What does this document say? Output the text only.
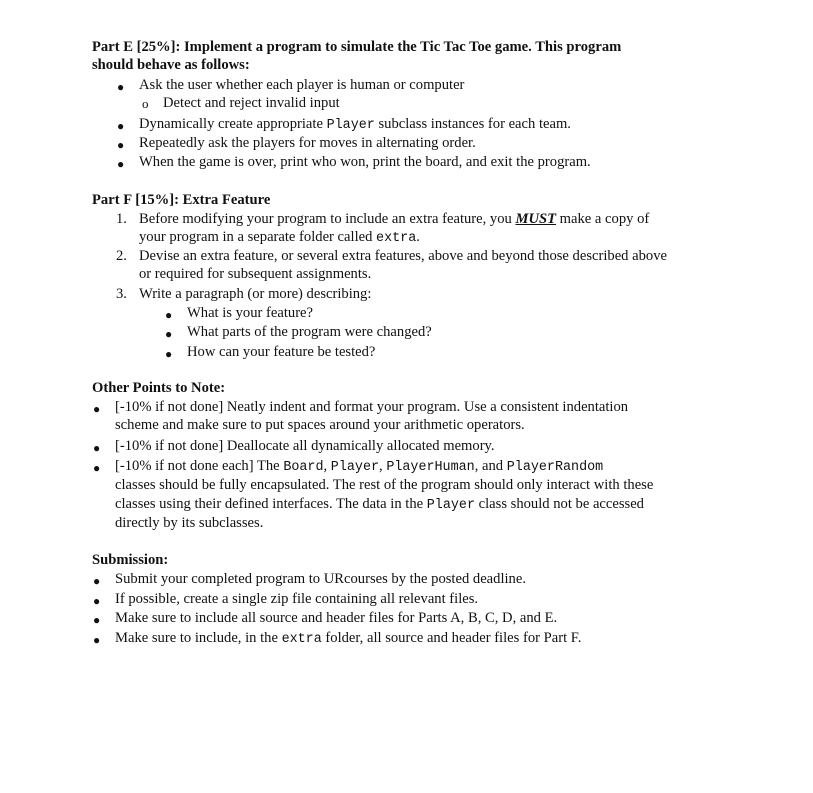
Part E [25%]: Implement a program to simulate the Tic Tac Toe game. This program
should behave as follows:
● Ask the user whether each player is human or computer
o Detect and reject invalid input
● Dynamically create appropriate Player subclass instances for each team.
● Repeatedly ask the players for moves in alternating order.
● When the game is over, print who won, print the board, and exit the program.
Part F [15%]: Extra Feature
1. Before modifying your program to include an extra feature, you MUST make a copy of
your program in a separate folder called extra.
2. Devise an extra feature, or several extra features, above and beyond those described above
or required for subsequent assignments.
3. Write a paragraph (or more) describing:
● What is your feature?
● What parts of the program were changed?
● How can your feature be tested?
Other Points to Note:
● [-10% if not done] Neatly indent and format your program. Use a consistent indentation
scheme and make sure to put spaces around your arithmetic operators.
● [-10% if not done] Deallocate all dynamically allocated memory.
● [-10% if not done each] The Board, Player, PlayerHuman, and PlayerRandom
classes should be fully encapsulated. The rest of the program should only interact with these
classes using their defined interfaces. The data in the Player class should not be accessed
directly by its subclasses.
Submission:
● Submit your completed program to URcourses by the posted deadline.
● If possible, create a single zip file containing all relevant files.
● Make sure to include all source and header files for Parts A, B, C, D, and E.
● Make sure to include, in the extra folder, all source and header files for Part F.
